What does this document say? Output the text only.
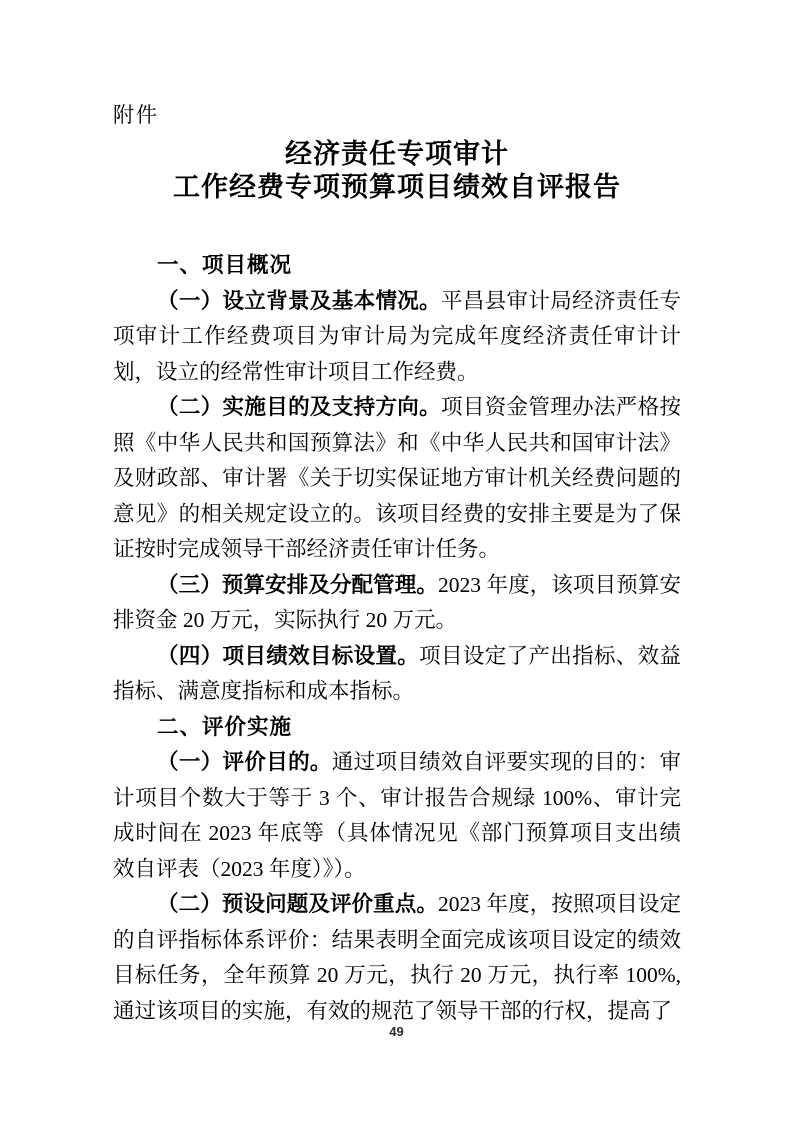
附件
经济责任专项审计
工作经费专项预算项目绩效自评报告

一、项目概况

（一）设立背景及基本情况。平昌县审计局经济责任专项审计工作经费项目为审计局为完成年度经济责任审计计划，设立的经常性审计项目工作经费。

（二）实施目的及支持方向。项目资金管理办法严格按照《中华人民共和国预算法》和《中华人民共和国审计法》及财政部、审计署《关于切实保证地方审计机关经费问题的意见》的相关规定设立的。该项目经费的安排主要是为了保证按时完成领导干部经济责任审计任务。

（三）预算安排及分配管理。2023 年度，该项目预算安排资金 20 万元，实际执行 20 万元。

（四）项目绩效目标设置。项目设定了产出指标、效益指标、满意度指标和成本指标。

二、评价实施

（一）评价目的。通过项目绩效自评要实现的目的：审计项目个数大于等于 3 个、审计报告合规绿 100%、审计完成时间在 2023 年底等（具体情况见《部门预算项目支出绩效自评表（2023 年度）》）。

（二）预设问题及评价重点。2023 年度，按照项目设定的自评指标体系评价：结果表明全面完成该项目设定的绩效目标任务，全年预算 20 万元，执行 20 万元，执行率 100%,通过该项目的实施，有效的规范了领导干部的行权，提高了

49
